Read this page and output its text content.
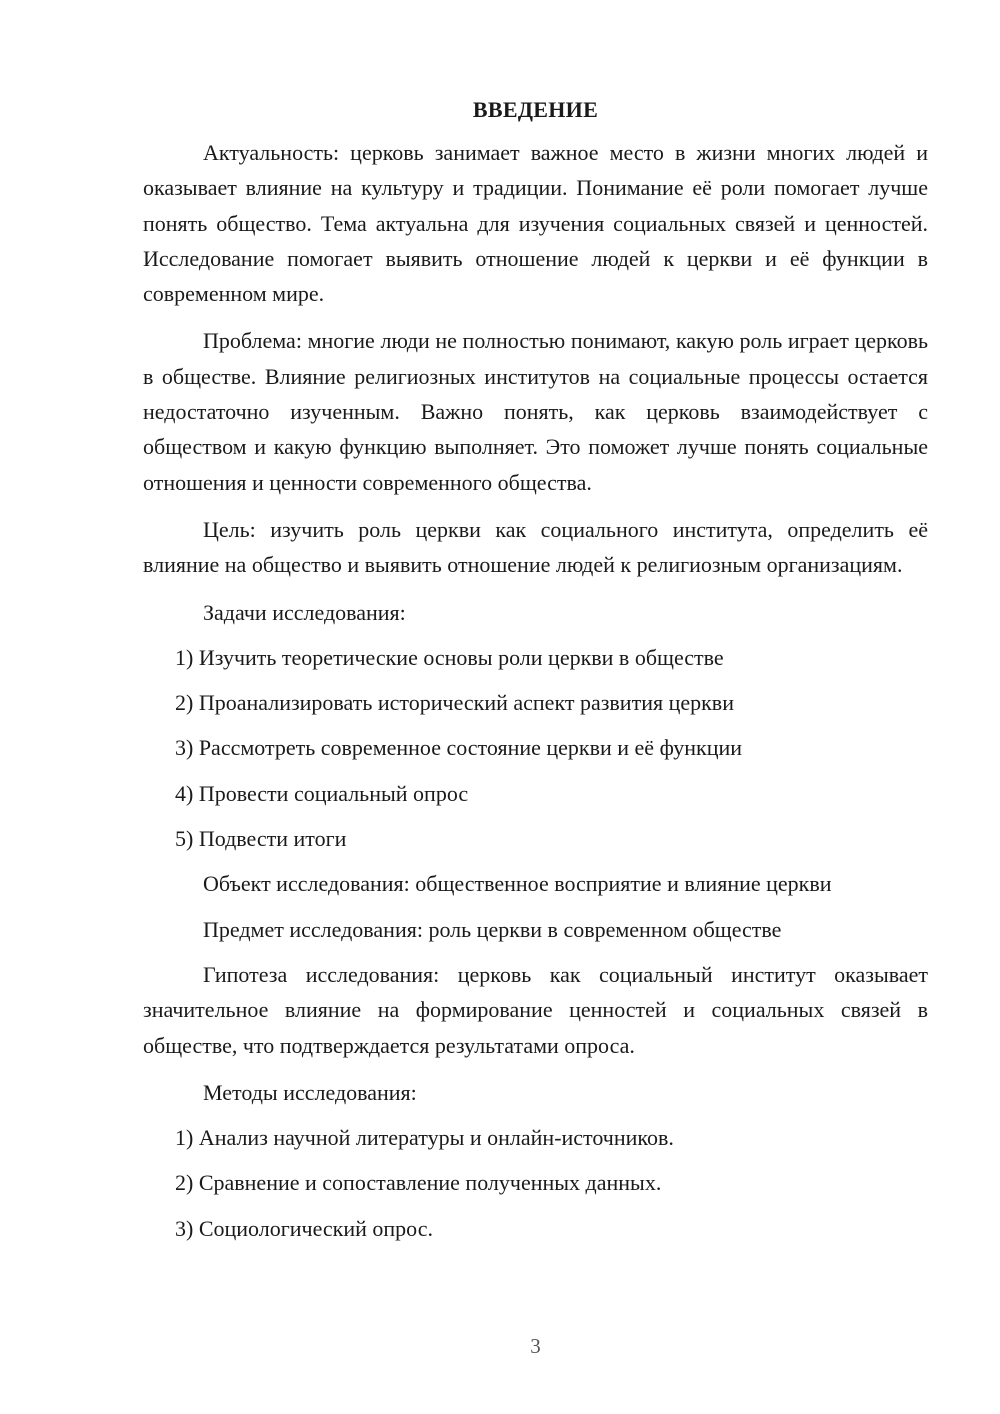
ВВЕДЕНИЕ

Актуальность: церковь занимает важное место в жизни многих людей и оказывает влияние на культуру и традиции. Понимание её роли помогает лучше понять общество. Тема актуальна для изучения социальных связей и ценностей. Исследование помогает выявить отношение людей к церкви и её функции в современном мире.

Проблема: многие люди не полностью понимают, какую роль играет церковь в обществе. Влияние религиозных институтов на социальные процессы остается недостаточно изученным. Важно понять, как церковь взаимодействует с обществом и какую функцию выполняет. Это поможет лучше понять социальные отношения и ценности современного общества.

Цель: изучить роль церкви как социального института, определить её влияние на общество и выявить отношение людей к религиозным организациям.

Задачи исследования:
1) Изучить теоретические основы роли церкви в обществе
2) Проанализировать исторический аспект развития церкви
3) Рассмотреть современное состояние церкви и её функции
4) Провести социальный опрос
5) Подвести итоги
Объект исследования: общественное восприятие и влияние церкви
Предмет исследования: роль церкви в современном обществе

Гипотеза исследования: церковь как социальный институт оказывает значительное влияние на формирование ценностей и социальных связей в обществе, что подтверждается результатами опроса.

Методы исследования:
1) Анализ научной литературы и онлайн-источников.
2) Сравнение и сопоставление полученных данных.
3) Социологический опрос.
3
